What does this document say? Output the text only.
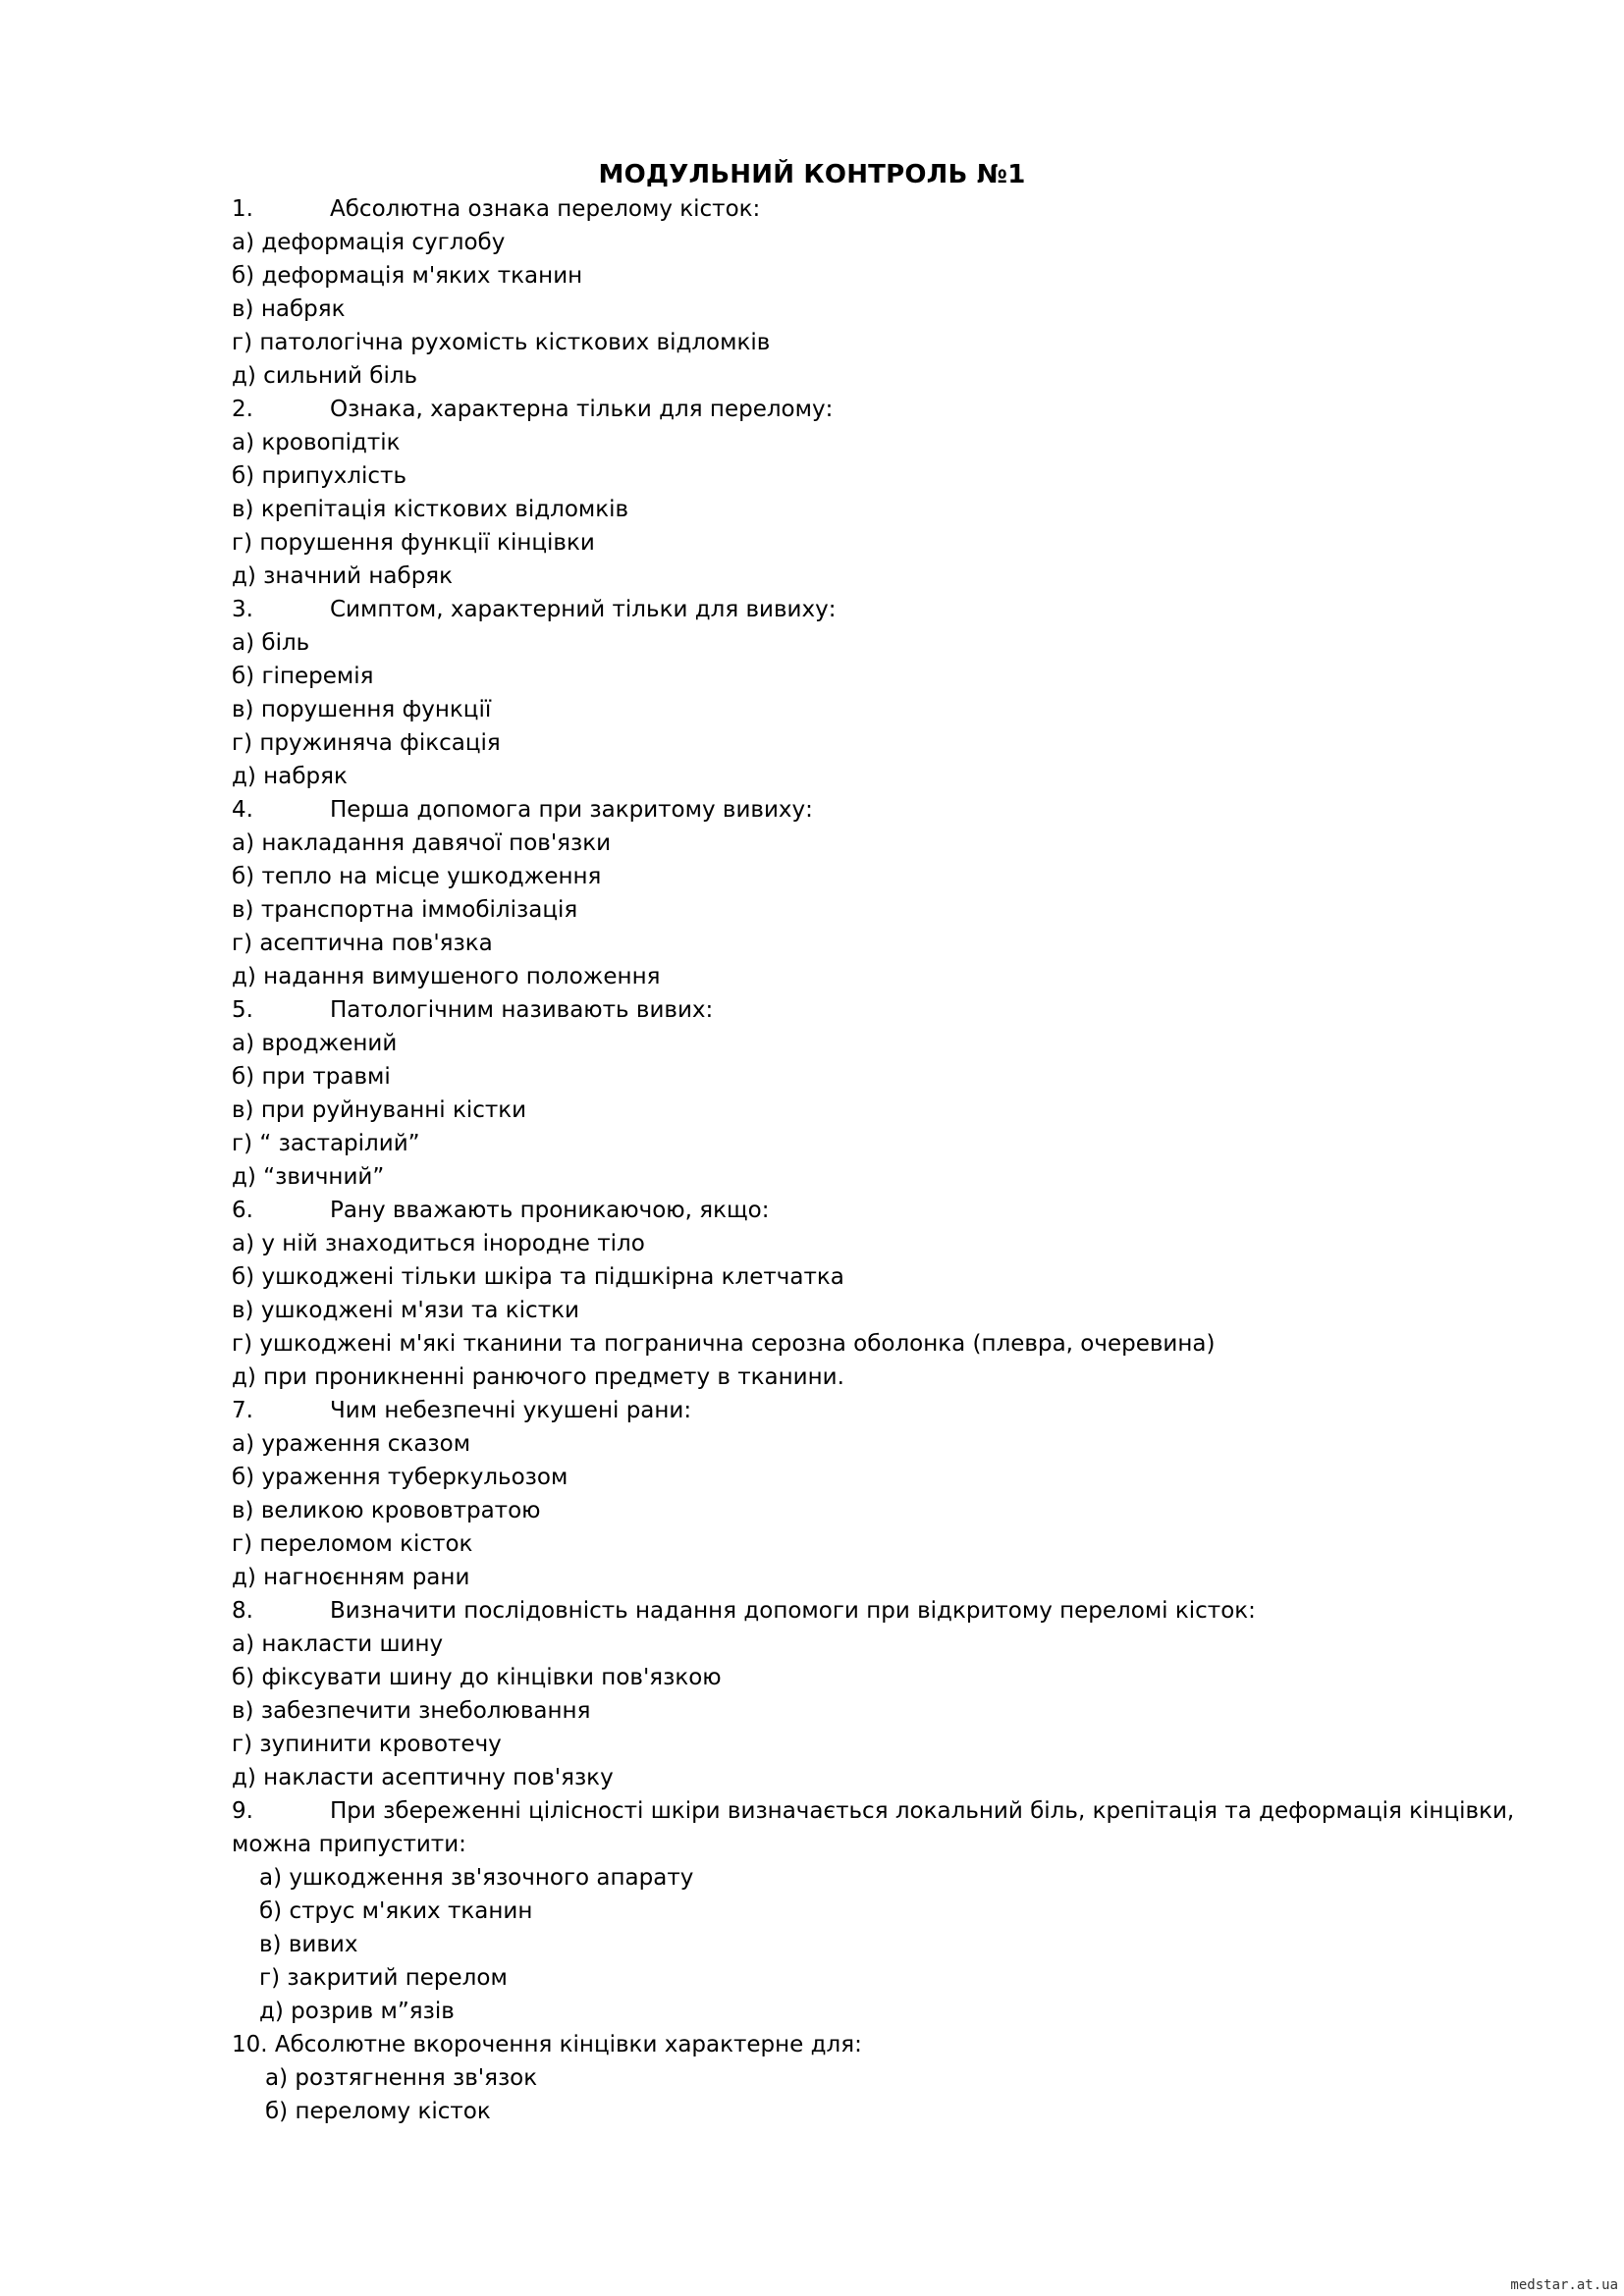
МОДУЛЬНИЙ КОНТРОЛЬ №1
1.	Абсолютна ознака перелому кісток:
а) деформація суглобу
б) деформація м'яких тканин
в) набряк
г) патологічна рухомість кісткових відломків
д) сильний біль
2.	Ознака, характерна тільки для перелому:
а) кровопідтік
б) припухлість
в) крепітація кісткових відломків
г) порушення функції кінцівки
д) значний набряк
3.	Симптом, характерний тільки для вивиху:
а) біль
б) гіперемія
в) порушення функції
г) пружиняча фіксація
д) набряк
4.	Перша допомога при закритому вивиху:
а) накладання давячої пов'язки
б) тепло на місце ушкодження
в) транспортна іммобілізація
г) асептична пов'язка
д) надання вимушеного положення
5.	Патологічним називають вивих:
а) вроджений
б) при травмі
в) при руйнуванні кістки
г) “ застарілий”
д) “звичний”
6.	Рану вважають проникаючою, якщо:
а) у ній знаходиться інородне тіло
б) ушкоджені тільки шкіра та підшкірна клетчатка
в) ушкоджені м'язи та кістки
г) ушкоджені м'які тканини та погранична серозна оболонка (плевра, очеревина)
д) при проникненні ранючого предмету в тканини.
7.	Чим небезпечні укушені рани:
а) ураження сказом
б) ураження туберкульозом
в) великою крововтратою
г) переломом кісток
д) нагноєнням рани
8.	Визначити послідовність надання допомоги при відкритому переломі кісток:
а) накласти шину
б) фіксувати шину до кінцівки пов'язкою
в) забезпечити знеболювання
г) зупинити кровотечу
д) накласти асептичну пов'язку
9.	При збереженні цілісності шкіри визначається локальний біль, крепітація та деформація кінцівки,
можна припустити:
а) ушкодження зв'язочного апарату
б) струс м'яких тканин
в) вивих
г) закритий перелом
д) розрив м”язів
10. Абсолютне вкорочення кінцівки характерне для:
а) розтягнення зв'язок
б) перелому кісток
medstar.at.ua
